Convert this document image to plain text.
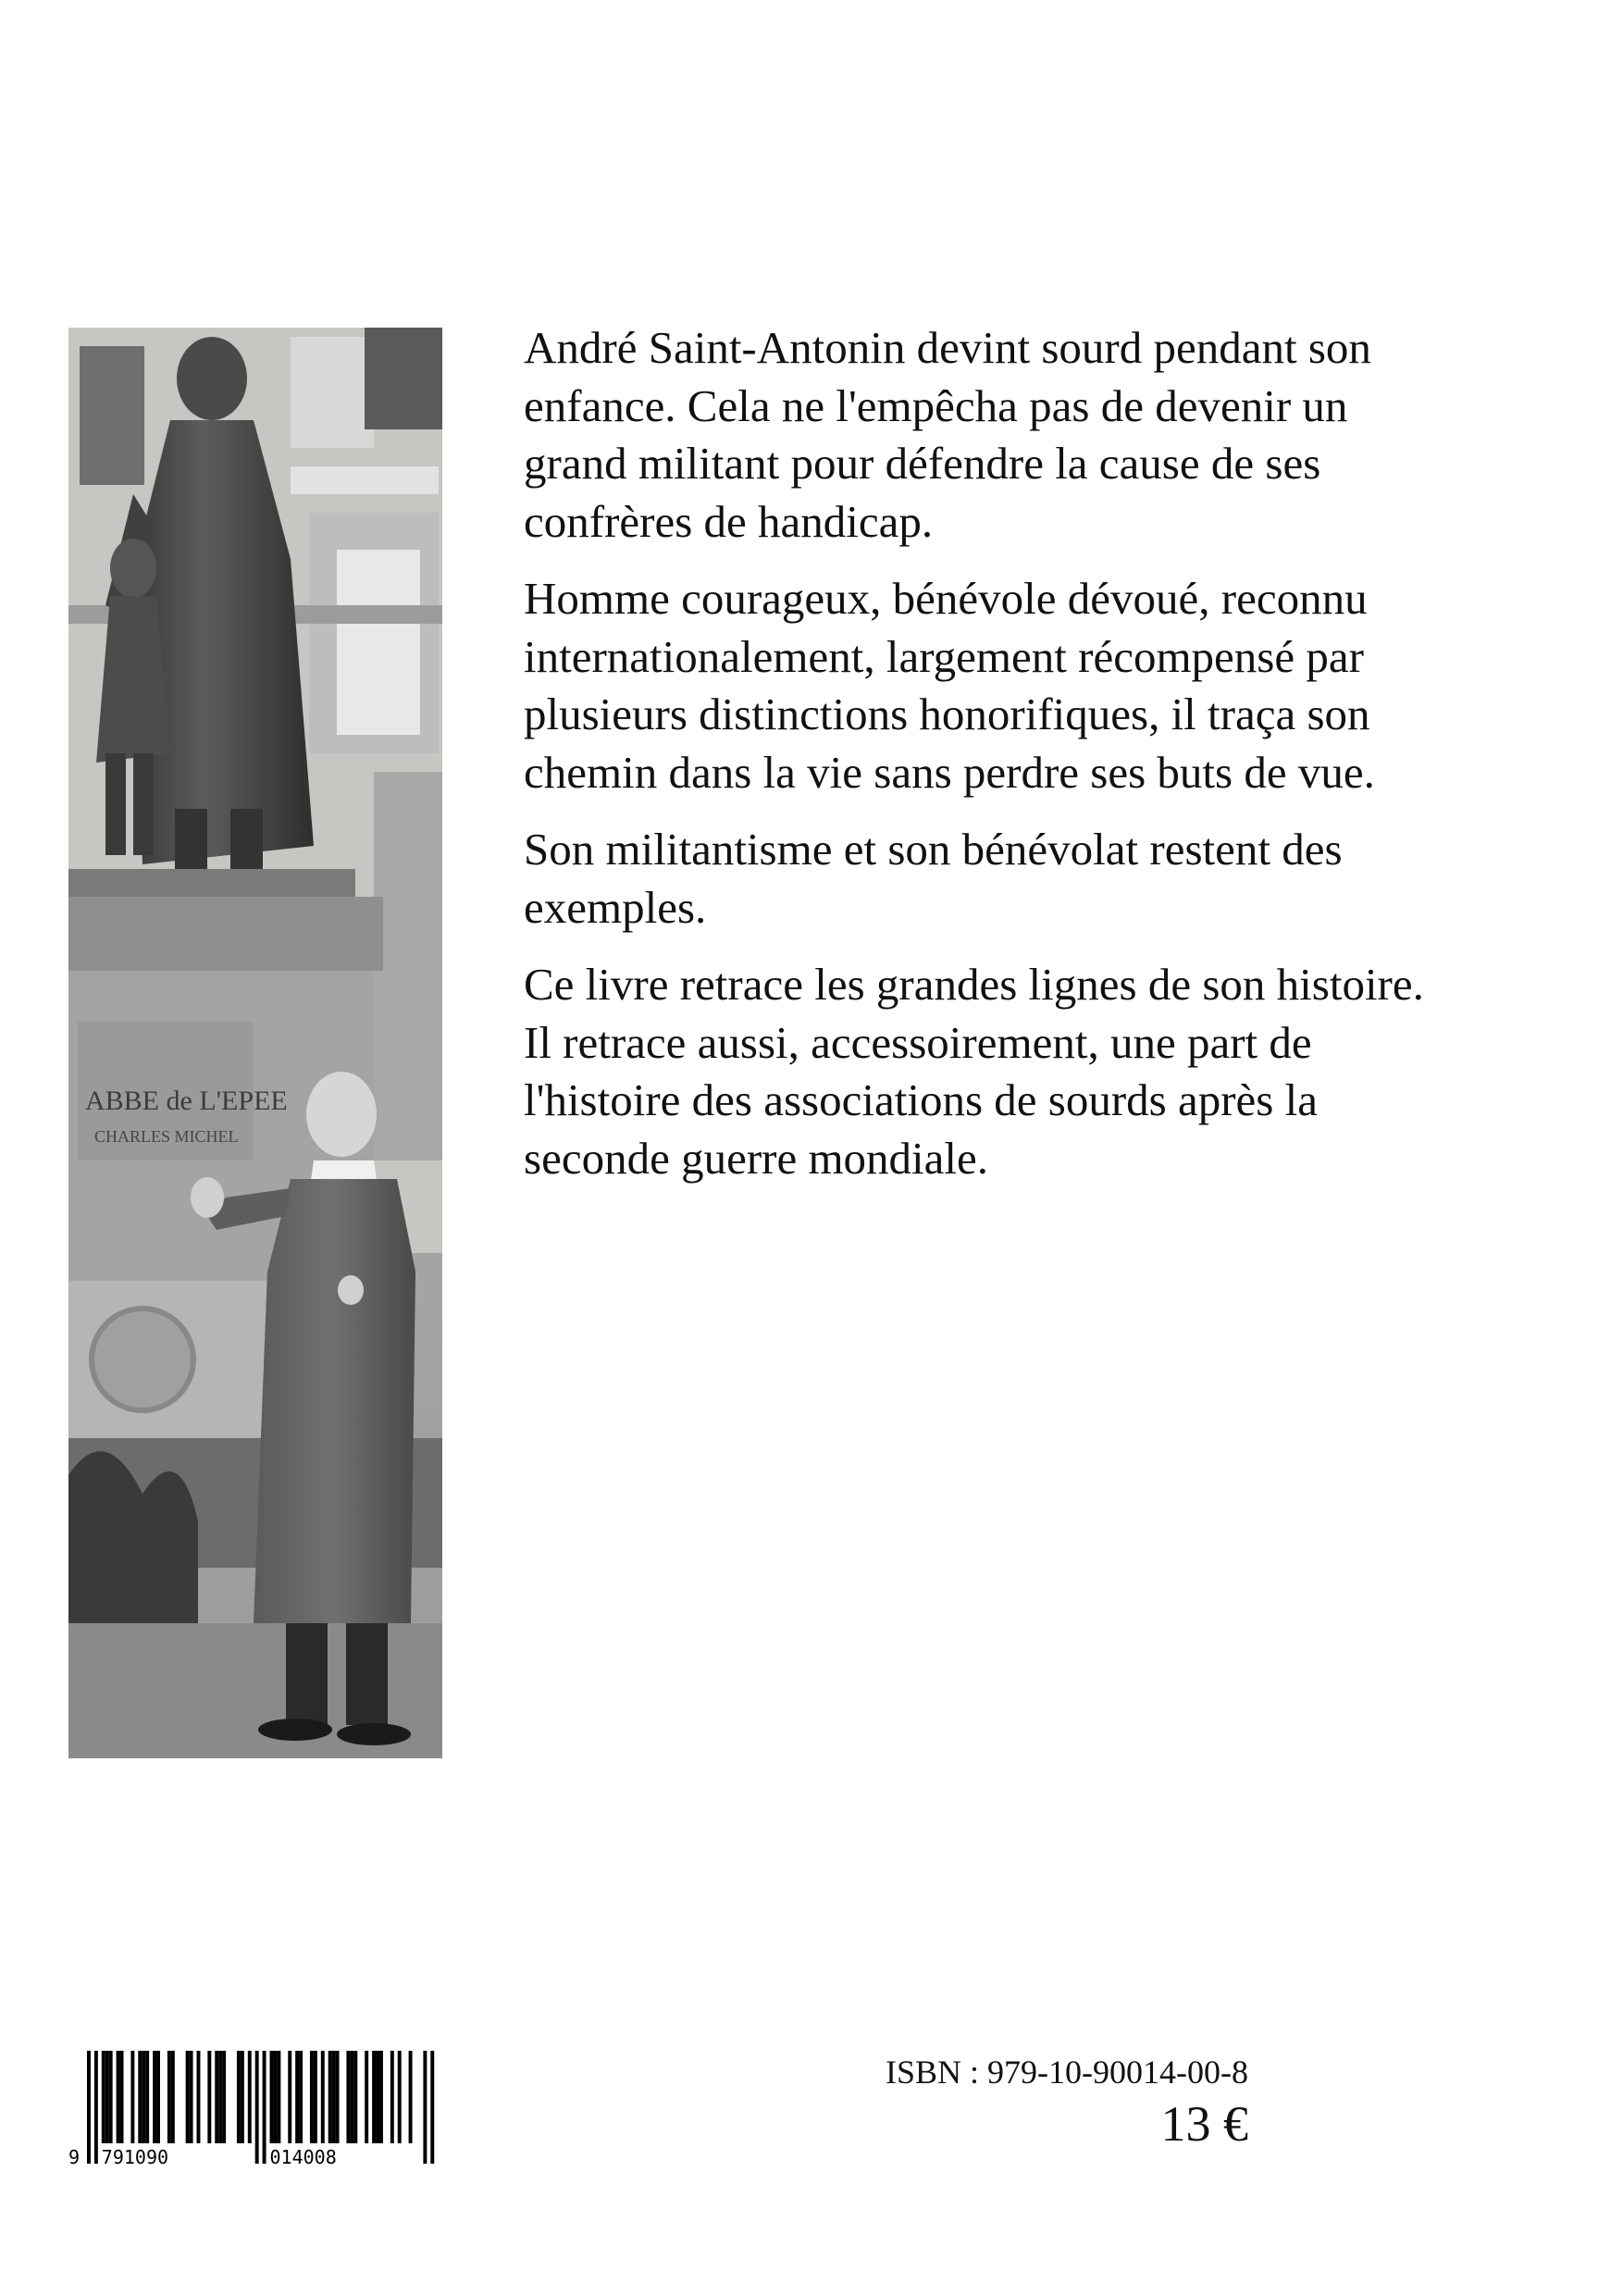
ABBE de L'EPEE
CHARLES MICHEL

André Saint-Antonin devint sourd pendant son enfance. Cela ne l'empêcha pas de devenir un grand militant pour défendre la cause de ses confrères de handicap.

Homme courageux, bénévole dévoué, reconnu internationalement, largement récompensé par plusieurs distinctions honorifiques, il traça son chemin dans la vie sans perdre ses buts de vue.

Son militantisme et son bénévolat restent des exemples.

Ce livre retrace les grandes lignes de son histoire. Il retrace aussi, accessoirement, une part de l'histoire des associations de sourds après la seconde guerre mondiale.

9 791090	014008
ISBN : 979-10-90014-00-8
13 €
